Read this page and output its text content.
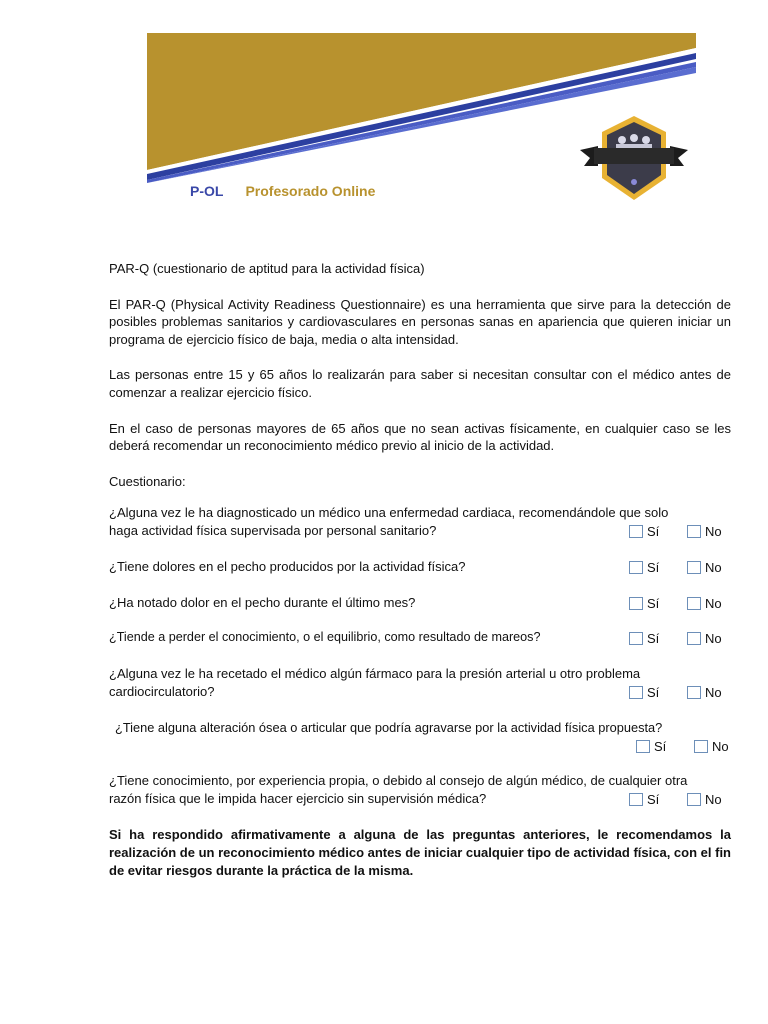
P-OL Profesorado Online

PAR-Q (cuestionario de aptitud para la actividad física)

El PAR-Q (Physical Activity Readiness Questionnaire) es una herramienta que sirve para la detección de posibles problemas sanitarios y cardiovasculares en personas sanas en apariencia que quieren iniciar un programa de ejercicio físico de baja, media o alta intensidad.

Las personas entre 15 y 65 años lo realizarán para saber si necesitan consultar con el médico antes de comenzar a realizar ejercicio físico.

En el caso de personas mayores de 65 años que no sean activas físicamente, en cualquier caso se les deberá recomendar un reconocimiento médico previo al inicio de la actividad.

Cuestionario:

¿Alguna vez le ha diagnosticado un médico una enfermedad cardiaca, recomendándole que solo haga actividad física supervisada por personal sanitario?	Sí	No
¿Tiene dolores en el pecho producidos por la actividad física?	Sí	No
¿Ha notado dolor en el pecho durante el último mes?	Sí	No
¿Tiende a perder el conocimiento, o el equilibrio, como resultado de mareos?	Sí	No
¿Alguna vez le ha recetado el médico algún fármaco para la presión arterial u otro problema cardiocirculatorio?	Sí	No
¿Tiene alguna alteración ósea o articular que podría agravarse por la actividad física propuesta?
Sí	No
¿Tiene conocimiento, por experiencia propia, o debido al consejo de algún médico, de cualquier otra razón física que le impida hacer ejercicio sin supervisión médica?	Sí	No

Si ha respondido afirmativamente a alguna de las preguntas anteriores, le recomendamos la realización de un reconocimiento médico antes de iniciar cualquier tipo de actividad física, con el fin de evitar riesgos durante la práctica de la misma.
